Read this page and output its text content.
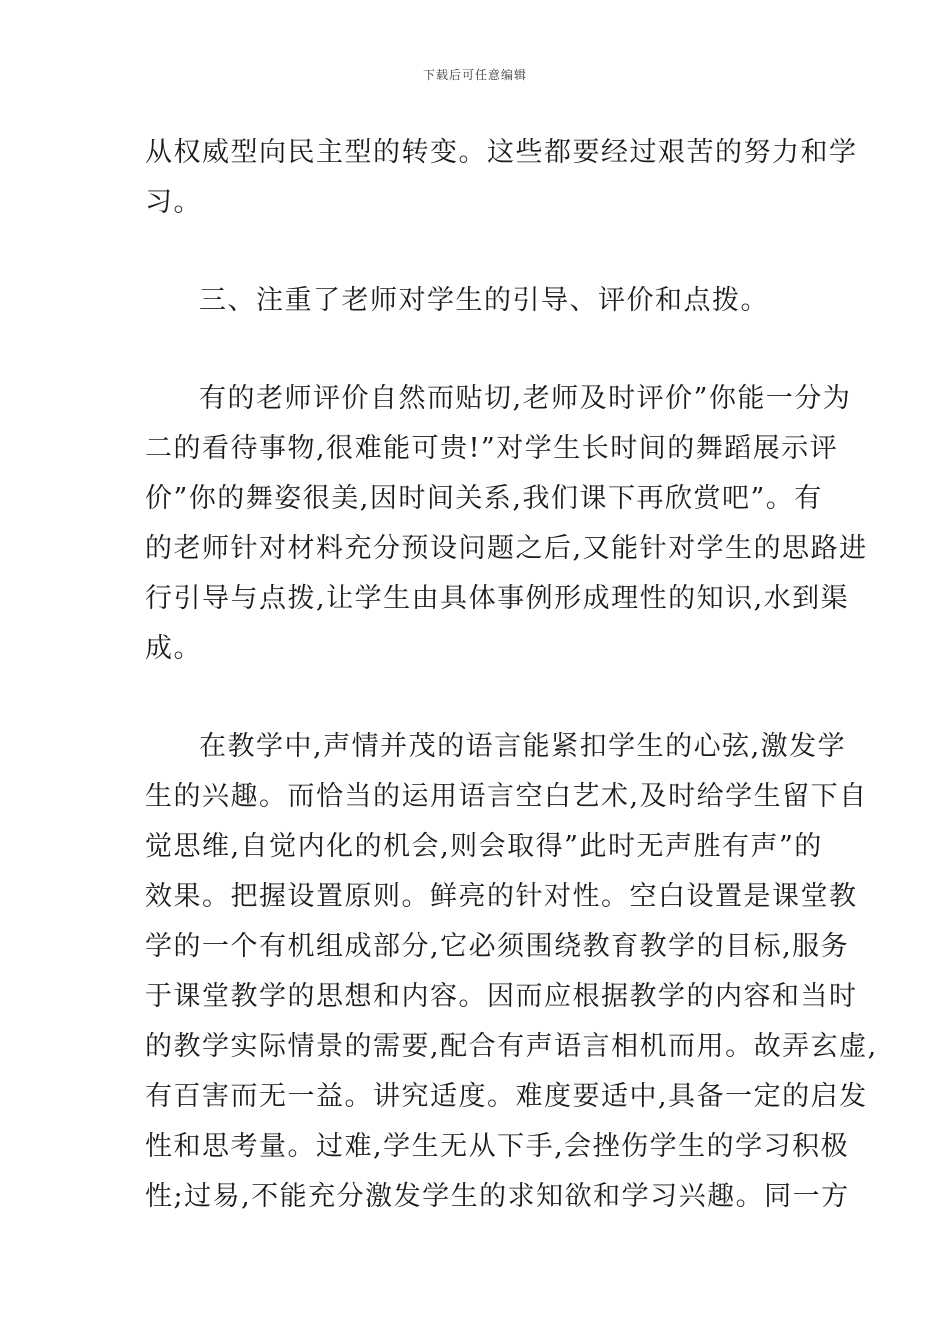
下载后可任意编辑
从权威型向民主型的转变。这些都要经过艰苦的努力和学
习。
三、注重了老师对学生的引导、评价和点拨。
有的老师评价自然而贴切,老师及时评价”你能一分为
二的看待事物,很难能可贵!”对学生长时间的舞蹈展示评
价”你的舞姿很美,因时间关系,我们课下再欣赏吧”。有
的老师针对材料充分预设问题之后,又能针对学生的思路进
行引导与点拨,让学生由具体事例形成理性的知识,水到渠
成。
在教学中,声情并茂的语言能紧扣学生的心弦,激发学
生的兴趣。而恰当的运用语言空白艺术,及时给学生留下自
觉思维,自觉内化的机会,则会取得”此时无声胜有声”的
效果。把握设置原则。鲜亮的针对性。空白设置是课堂教
学的一个有机组成部分,它必须围绕教育教学的目标,服务
于课堂教学的思想和内容。因而应根据教学的内容和当时
的教学实际情景的需要,配合有声语言相机而用。故弄玄虚,
有百害而无一益。讲究适度。难度要适中,具备一定的启发
性和思考量。过难,学生无从下手,会挫伤学生的学习积极
性;过易,不能充分激发学生的求知欲和学习兴趣。同一方
